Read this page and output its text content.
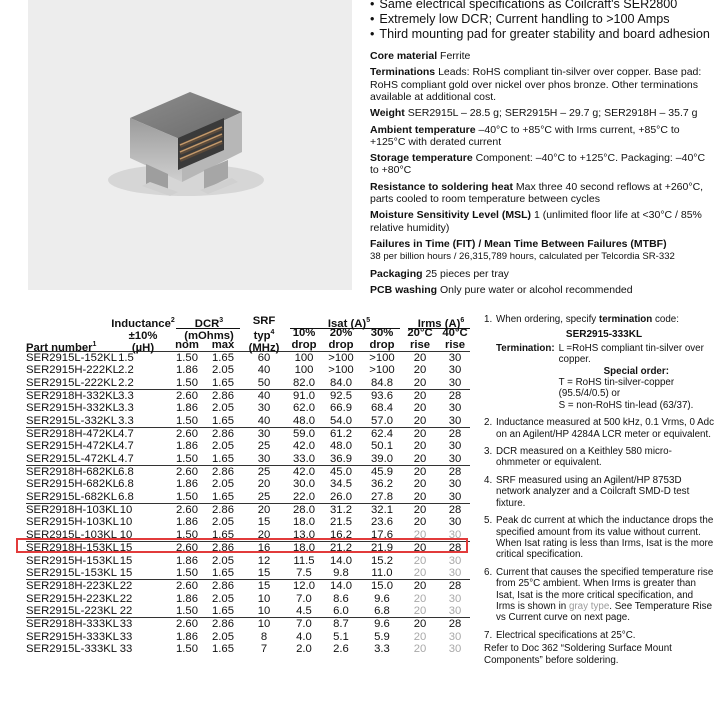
• Same electrical specifications as Coilcraft's SER2800
• Extremely low DCR; Current handling to >100 Amps
• Third mounting pad for greater stability and board adhesion
Core material Ferrite
Terminations Leads: RoHS compliant tin-silver over copper. Base pad: RoHS compliant gold over nickel over phos bronze. Other terminations available at additional cost.
Weight SER2915L – 28.5 g; SER2915H – 29.7 g; SER2918H – 35.7 g
Ambient temperature –40°C to +85°C with Irms current, +85°C to +125°C with derated current
Storage temperature Component: –40°C to +125°C. Packaging: –40°C to +80°C
Resistance to soldering heat Max three 40 second reflows at +260°C, parts cooled to room temperature between cycles
Moisture Sensitivity Level (MSL) 1 (unlimited floor life at <30°C / 85% relative humidity)
Failures in Time (FIT) / Mean Time Between Failures (MTBF)
38 per billion hours / 26,315,789 hours, calculated per Telcordia SR-332
Packaging 25 pieces per tray
PCB washing Only pure water or alcohol recommended
Inductance$^2$
±10%
(µH)
DCR$^3$
(mOhms)
nom	max
SRF
typ$^4$
(MHz)
Isat $(A)^5$
10%
drop
20%
drop
30%
drop
Irms $(A)^6$
20°C
rise
40°C
rise
Part number$^1$
SER2915L-152KL 1.5	1.50	1.65	60	100	>100	>100	20	30
SER2915H-222KL 2.2	1.86	2.05	40	100	>100	>100	20	30
SER2915L-222KL 2.2	1.50	1.65	50	82.0	84.0	84.8	20	30
SER2918H-332KL 3.3	2.60	2.86	40	91.0	92.5	93.6	20	28
SER2915H-332KL 3.3	1.86	2.05	30	62.0	66.9	68.4	20	30
SER2915L-332KL 3.3	1.50	1.65	40	48.0	54.0	57.0	20	30
SER2918H-472KL 4.7	2.60	2.86	30	59.0	61.2	62.4	20	28
SER2915H-472KL 4.7	1.86	2.05	25	42.0	48.0	50.1	20	30
SER2915L-472KL 4.7	1.50	1.65	30	33.0	36.9	39.0	20	30
SER2918H-682KL 6.8	2.60	2.86	25	42.0	45.0	45.9	20	28
SER2915H-682KL 6.8	1.86	2.05	20	30.0	34.5	36.2	20	30
SER2915L-682KL 6.8	1.50	1.65	25	22.0	26.0	27.8	20	30
SER2918H-103KL 10	2.60	2.86	20	28.0	31.2	32.1	20	28
SER2915H-103KL 10	1.86	2.05	15	18.0	21.5	23.6	20	30
SER2915L-103KL 10	1.50	1.65	20	13.0	16.2	17.6	20	30
SER2918H-153KL 15	2.60	2.86	16	18.0	21.2	21.9	20	28
SER2915H-153KL 15	1.86	2.05	12	11.5	14.0	15.2	20	30
SER2915L-153KL 15	1.50	1.65	15	7.5	9.8	11.0	20	30
SER2918H-223KL 22	2.60	2.86	15	12.0	14.0	15.0	20	28
SER2915H-223KL 22	1.86	2.05	10	7.0	8.6	9.6	20	30
SER2915L-223KL 22	1.50	1.65	10	4.5	6.0	6.8	20	30
SER2918H-333KL 33	2.60	2.86	10	7.0	8.7	9.6	20	28
SER2915H-333KL 33	1.86	2.05	8	4.0	5.1	5.9	20	30
SER2915L-333KL 33	1.50	1.65	7	2.0	2.6	3.3	20	30
1. When ordering, specify termination code:
SER2915-333KL
Termination: L =RoHS compliant tin-silver over copper.
Special order:
T = RoHS tin-silver-copper (95.5/4/0.5) or
S = non-RoHS tin-lead (63/37).
2. Inductance measured at 500 kHz, 0.1 Vrms, 0 Adc on an Agilent/HP 4284A LCR meter or equivalent.
3. DCR measured on a Keithley 580 micro-ohmmeter or equivalent.
4. SRF measured using an Agilent/HP 8753D network analyzer and a Coilcraft SMD-D test fixture.
5. Peak dc current at which the inductance drops the specified amount from its value without current. When Isat rating is less than Irms, Isat is the more critical specification.
6. Current that causes the specified temperature rise from 25°C ambient. When Irms is greater than Isat, Isat is the more critical specification, and Irms is shown in gray type. See Temperature Rise vs Current curve on next page.
7. Electrical specifications at 25°C.
Refer to Doc 362 “Soldering Surface Mount Components” before soldering.
